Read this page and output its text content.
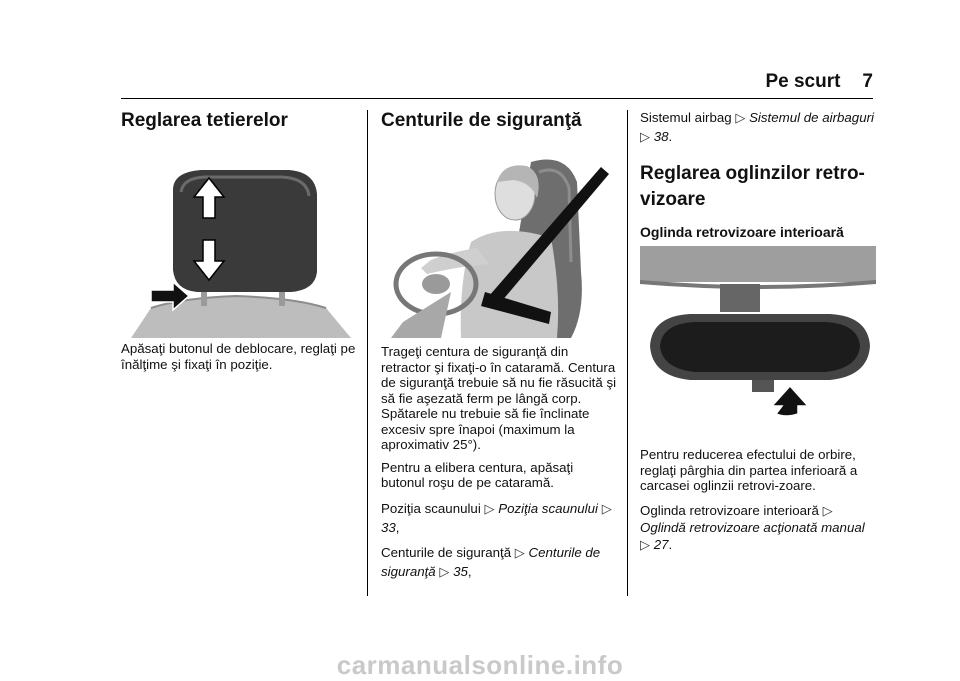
Pe scurt 7
Reglarea tetierelor

Apăsaţi butonul de deblocare, reglaţi pe înălţime şi fixaţi în poziţie.

Centurile de siguranţă

Trageţi centura de siguranţă din retractor şi fixaţi-o în cataramă. Centura de siguranţă trebuie să nu fie răsucită şi să fie aşezată ferm pe lângă corp. Spătarele nu trebuie să fie înclinate excesiv spre înapoi (maximum la aproximativ 25°).

Pentru a elibera centura, apăsaţi butonul roşu de pe cataramă.

Poziţia scaunului ▷ Poziţia scaunului ▷ 33,

Centurile de siguranţă ▷ Centurile de siguranţă ▷ 35,

Sistemul airbag ▷ Sistemul de airbaguri ▷ 38.

Reglarea oglinzilor retro-vizoare
Oglinda retrovizoare interioară

Pentru reducerea efectului de orbire, reglaţi pârghia din partea inferioară a carcasei oglinzii retrovi-zoare.

Oglinda retrovizoare interioară ▷ Oglindă retrovizoare acţionată manual ▷ 27.

carmanualsonline.info
